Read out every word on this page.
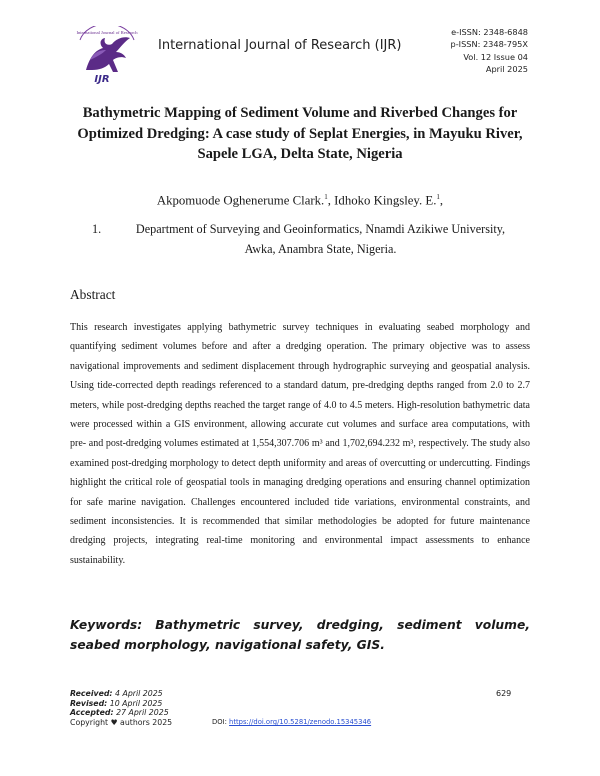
International Journal of Research
IJR
International Journal of Research (IJR)
e-ISSN: 2348-6848
p-ISSN: 2348-795X
Vol. 12 Issue 04
April 2025
Bathymetric Mapping of Sediment Volume and Riverbed Changes for Optimized Dredging: A case study of Seplat Energies, in Mayuku River, Sapele LGA, Delta State, Nigeria
Akpomuode Oghenerume Clark.$^1$, Idhoko Kingsley. E.$^1$,
1.	Department of Surveying and Geoinformatics, Nnamdi Azikiwe University,
Awka, Anambra State, Nigeria.
Abstract

This research investigates applying bathymetric survey techniques in evaluating seabed morphology and quantifying sediment volumes before and after a dredging operation. The primary objective was to assess navigational improvements and sediment displacement through hydrographic surveying and geospatial analysis. Using tide-corrected depth readings referenced to a standard datum, pre-dredging depths ranged from 2.0 to 2.7 meters, while post-dredging depths reached the target range of 4.0 to 4.5 meters. High-resolution bathymetric data were processed within a GIS environment, allowing accurate cut volumes and surface area computations, with pre- and post-dredging volumes estimated at 1,554,307.706 m³ and 1,702,694.232 m³, respectively. The study also examined post-dredging morphology to detect depth uniformity and areas of overcutting or undercutting. Findings highlight the critical role of geospatial tools in managing dredging operations and ensuring channel optimization for safe marine navigation. Challenges encountered included tide variations, environmental constraints, and sediment inconsistencies. It is recommended that similar methodologies be adopted for future maintenance dredging projects, integrating real-time monitoring and environmental impact assessments to enhance sustainability.

Keywords: Bathymetric survey, dredging, sediment volume, seabed morphology, navigational safety, GIS.

Received: 4 April 2025
Revised: 10 April 2025
Accepted: 27 April 2025
Copyright ♥ authors 2025
629
DOI: https://doi.org/10.5281/zenodo.15345346
